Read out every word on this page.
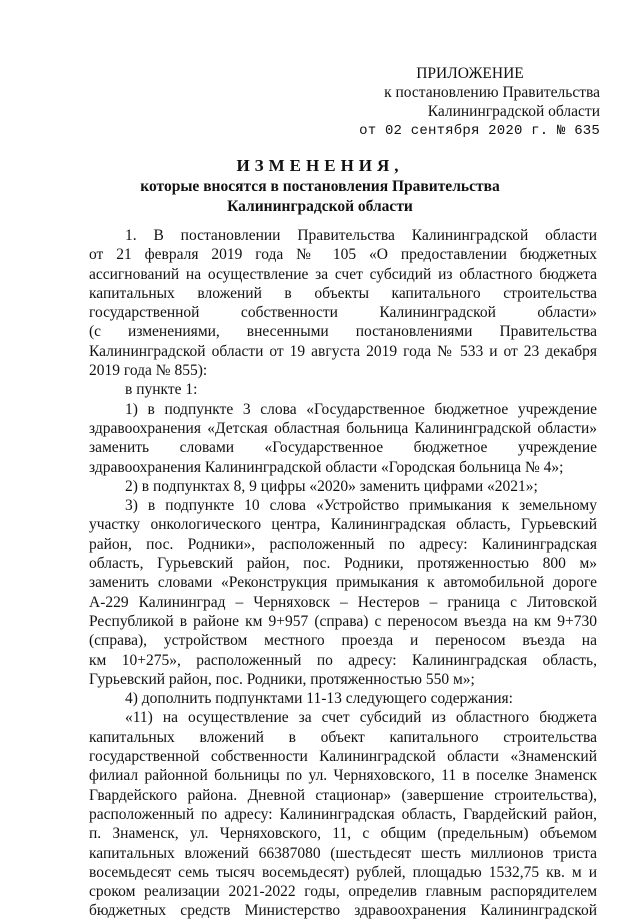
ПРИЛОЖЕНИЕ
к постановлению Правительства
Калининградской области
от 02 сентября 2020 г. № 635
ИЗМЕНЕНИЯ,
которые вносятся в постановления Правительства
Калининградской области
1. В постановлении Правительства Калининградской области
от 21 февраля 2019 года № 105 «О предоставлении бюджетных
ассигнований на осуществление за счет субсидий из областного бюджета
капитальных вложений в объекты капитального строительства
государственной собственности Калининградской области»
(с изменениями, внесенными постановлениями Правительства
Калининградской области от 19 августа 2019 года № 533 и от 23 декабря
2019 года № 855):
в пункте 1:
1) в подпункте 3 слова «Государственное бюджетное учреждение
здравоохранения «Детская областная больница Калининградской области»
заменить словами «Государственное бюджетное учреждение
здравоохранения Калининградской области «Городская больница № 4»;
2) в подпунктах 8, 9 цифры «2020» заменить цифрами «2021»;
3) в подпункте 10 слова «Устройство примыкания к земельному
участку онкологического центра, Калининградская область, Гурьевский
район, пос. Родники», расположенный по адресу: Калининградская
область, Гурьевский район, пос. Родники, протяженностью 800 м»
заменить словами «Реконструкция примыкания к автомобильной дороге
А-229 Калининград – Черняховск – Нестеров – граница с Литовской
Республикой в районе км 9+957 (справа) с переносом въезда на км 9+730
(справа), устройством местного проезда и переносом въезда на
км 10+275», расположенный по адресу: Калининградская область,
Гурьевский район, пос. Родники, протяженностью 550 м»;
4) дополнить подпунктами 11-13 следующего содержания:
«11) на осуществление за счет субсидий из областного бюджета
капитальных вложений в объект капитального строительства
государственной собственности Калининградской области «Знаменский
филиал районной больницы по ул. Черняховского, 11 в поселке Знаменск
Гвардейского района. Дневной стационар» (завершение строительства),
расположенный по адресу: Калининградская область, Гвардейский район,
п. Знаменск, ул. Черняховского, 11, с общим (предельным) объемом
капитальных вложений 66387080 (шестьдесят шесть миллионов триста
восемьдесят семь тысяч восемьдесят) рублей, площадью 1532,75 кв. м и
сроком реализации 2021-2022 годы, определив главным распорядителем
бюджетных средств Министерство здравоохранения Калининградской
